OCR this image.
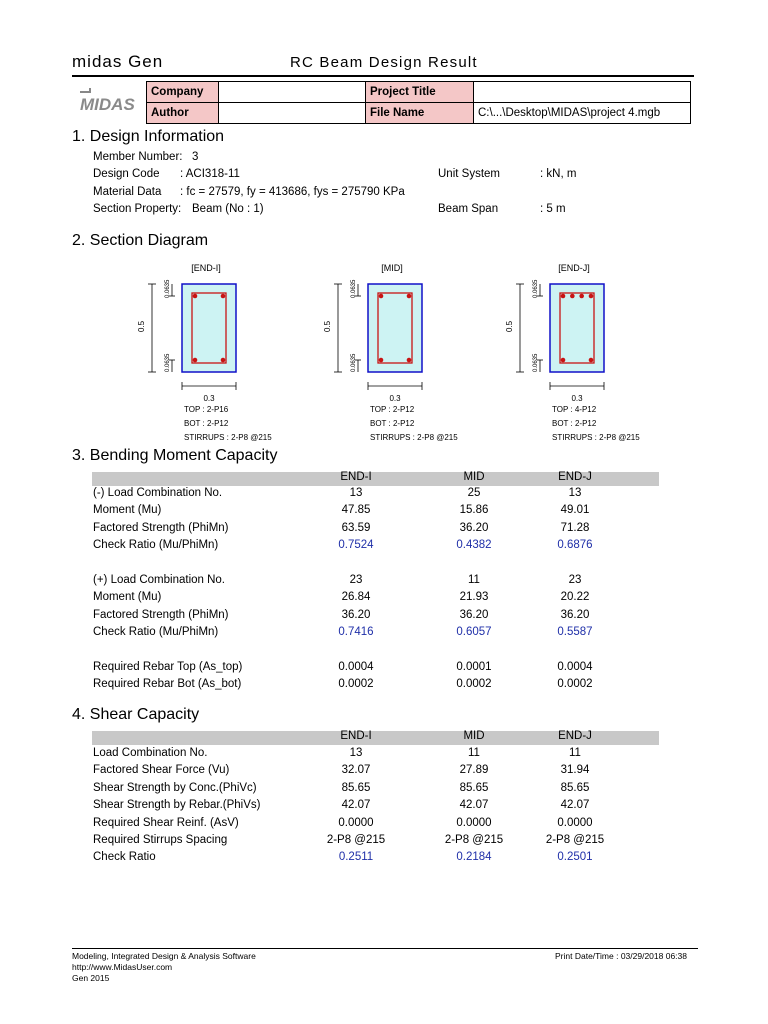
midas Gen	RC Beam Design Result
MIDAS
Company		Project Title	
Author		File Name	C:\...\Desktop\MIDAS\project 4.mgb
1. Design Information
Member Number: 3
Design Code : ACI318-11	Unit System	: kN, m
Material Data : fc = 27579, fy = 413686, fys = 275790 KPa
Section Property: Beam (No : 1)	Beam Span	: 5 m
2. Section Diagram
[END-I]
0.5
0.0635
0.0635
0.3
TOP : 2-P16
BOT : 2-P12
STIRRUPS : 2-P8 @215
[MID]
0.5
0.0635
0.0635
0.3
TOP : 2-P12
BOT : 2-P12
STIRRUPS : 2-P8 @215
[END-J]
0.5
0.0635
0.0635
0.3
TOP : 4-P12
BOT : 2-P12
STIRRUPS : 2-P8 @215
3. Bending Moment Capacity
END-I	MID	END-J
(-) Load Combination No.	13	25	13
Moment (Mu)	47.85	15.86	49.01
Factored Strength (PhiMn)	63.59	36.20	71.28
Check Ratio (Mu/PhiMn)	0.7524	0.4382	0.6876
(+) Load Combination No.	23	11	23
Moment (Mu)	26.84	21.93	20.22
Factored Strength (PhiMn)	36.20	36.20	36.20
Check Ratio (Mu/PhiMn)	0.7416	0.6057	0.5587
Required Rebar Top (As_top)	0.0004	0.0001	0.0004
Required Rebar Bot (As_bot)	0.0002	0.0002	0.0002
4. Shear Capacity
END-I	MID	END-J
Load Combination No.	13	11	11
Factored Shear Force (Vu)	32.07	27.89	31.94
Shear Strength by Conc.(PhiVc)	85.65	85.65	85.65
Shear Strength by Rebar.(PhiVs)	42.07	42.07	42.07
Required Shear Reinf. (AsV)	0.0000	0.0000	0.0000
Required Stirrups Spacing	2-P8 @215	2-P8 @215	2-P8 @215
Check Ratio	0.2511	0.2184	0.2501
Modeling, Integrated Design & Analysis Software
http://www.MidasUser.com
Gen 2015
Print Date/Time : 03/29/2018 06:38
